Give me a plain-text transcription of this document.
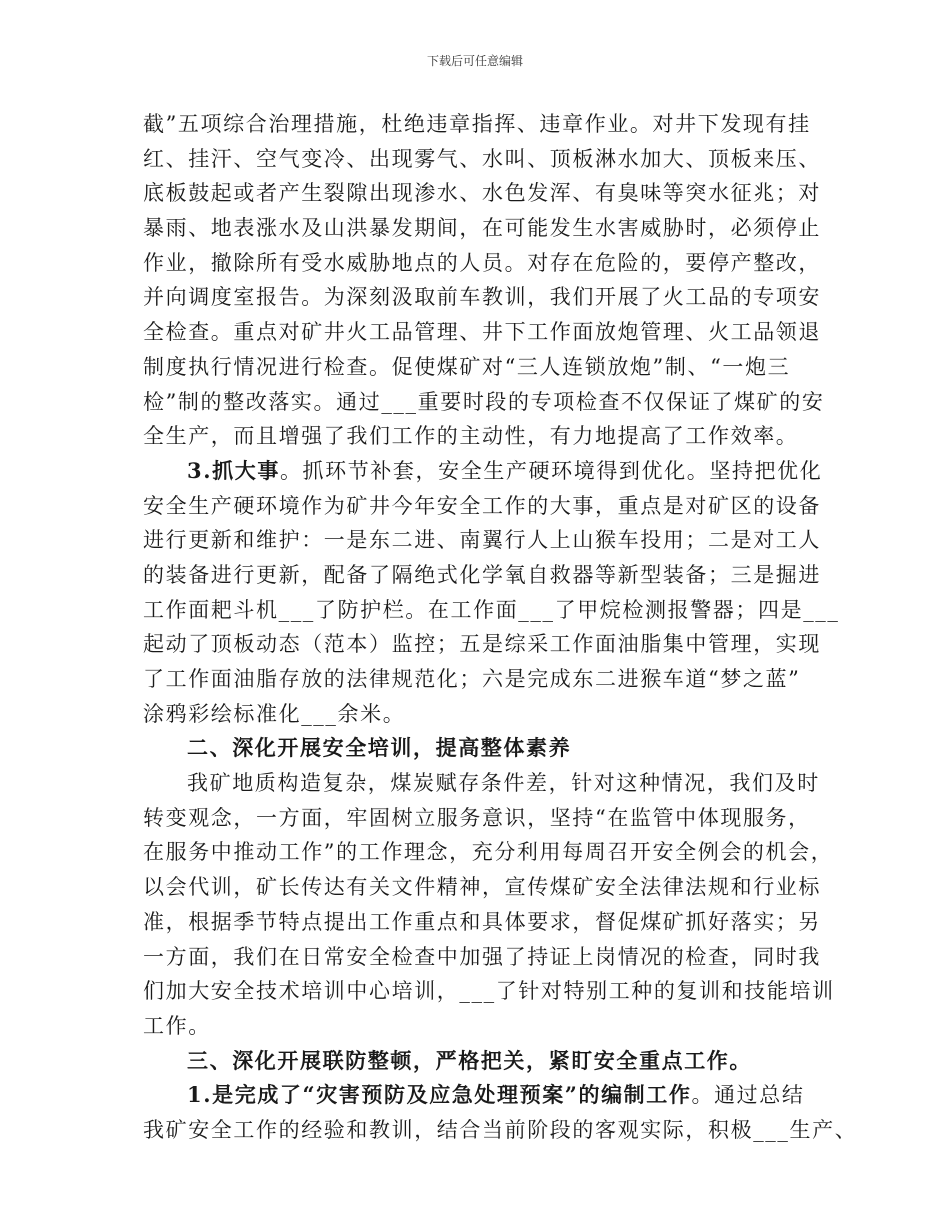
下载后可任意编辑
截”五项综合治理措施，杜绝违章指挥、违章作业。对井下发现有挂
红、挂汗、空气变冷、出现雾气、水叫、顶板淋水加大、顶板来压、
底板鼓起或者产生裂隙出现渗水、水色发浑、有臭味等突水征兆；对
暴雨、地表涨水及山洪暴发期间，在可能发生水害威胁时，必须停止
作业，撤除所有受水威胁地点的人员。对存在危险的，要停产整改，
并向调度室报告。为深刻汲取前车教训，我们开展了火工品的专项安
全检查。重点对矿井火工品管理、井下工作面放炮管理、火工品领退
制度执行情况进行检查。促使煤矿对“三人连锁放炮”制、“一炮三
检”制的整改落实。通过___重要时段的专项检查不仅保证了煤矿的安
全生产，而且增强了我们工作的主动性，有力地提高了工作效率。
3.抓大事。抓环节补套，安全生产硬环境得到优化。坚持把优化
安全生产硬环境作为矿井今年安全工作的大事，重点是对矿区的设备
进行更新和维护：一是东二进、南翼行人上山猴车投用；二是对工人
的装备进行更新，配备了隔绝式化学氧自救器等新型装备；三是掘进
工作面耙斗机___了防护栏。在工作面___了甲烷检测报警器；四是___
起动了顶板动态（范本）监控；五是综采工作面油脂集中管理，实现
了工作面油脂存放的法律规范化；六是完成东二进猴车道“梦之蓝”
涂鸦彩绘标准化___余米。
二、深化开展安全培训，提高整体素养
我矿地质构造复杂，煤炭赋存条件差，针对这种情况，我们及时
转变观念，一方面，牢固树立服务意识，坚持“在监管中体现服务，
在服务中推动工作”的工作理念，充分利用每周召开安全例会的机会，
以会代训，矿长传达有关文件精神，宣传煤矿安全法律法规和行业标
准，根据季节特点提出工作重点和具体要求，督促煤矿抓好落实；另
一方面，我们在日常安全检查中加强了持证上岗情况的检查，同时我
们加大安全技术培训中心培训，___了针对特别工种的复训和技能培训
工作。
三、深化开展联防整顿，严格把关，紧盯安全重点工作。
1.是完成了“灾害预防及应急处理预案”的编制工作。通过总结
我矿安全工作的经验和教训，结合当前阶段的客观实际，积极___生产、
